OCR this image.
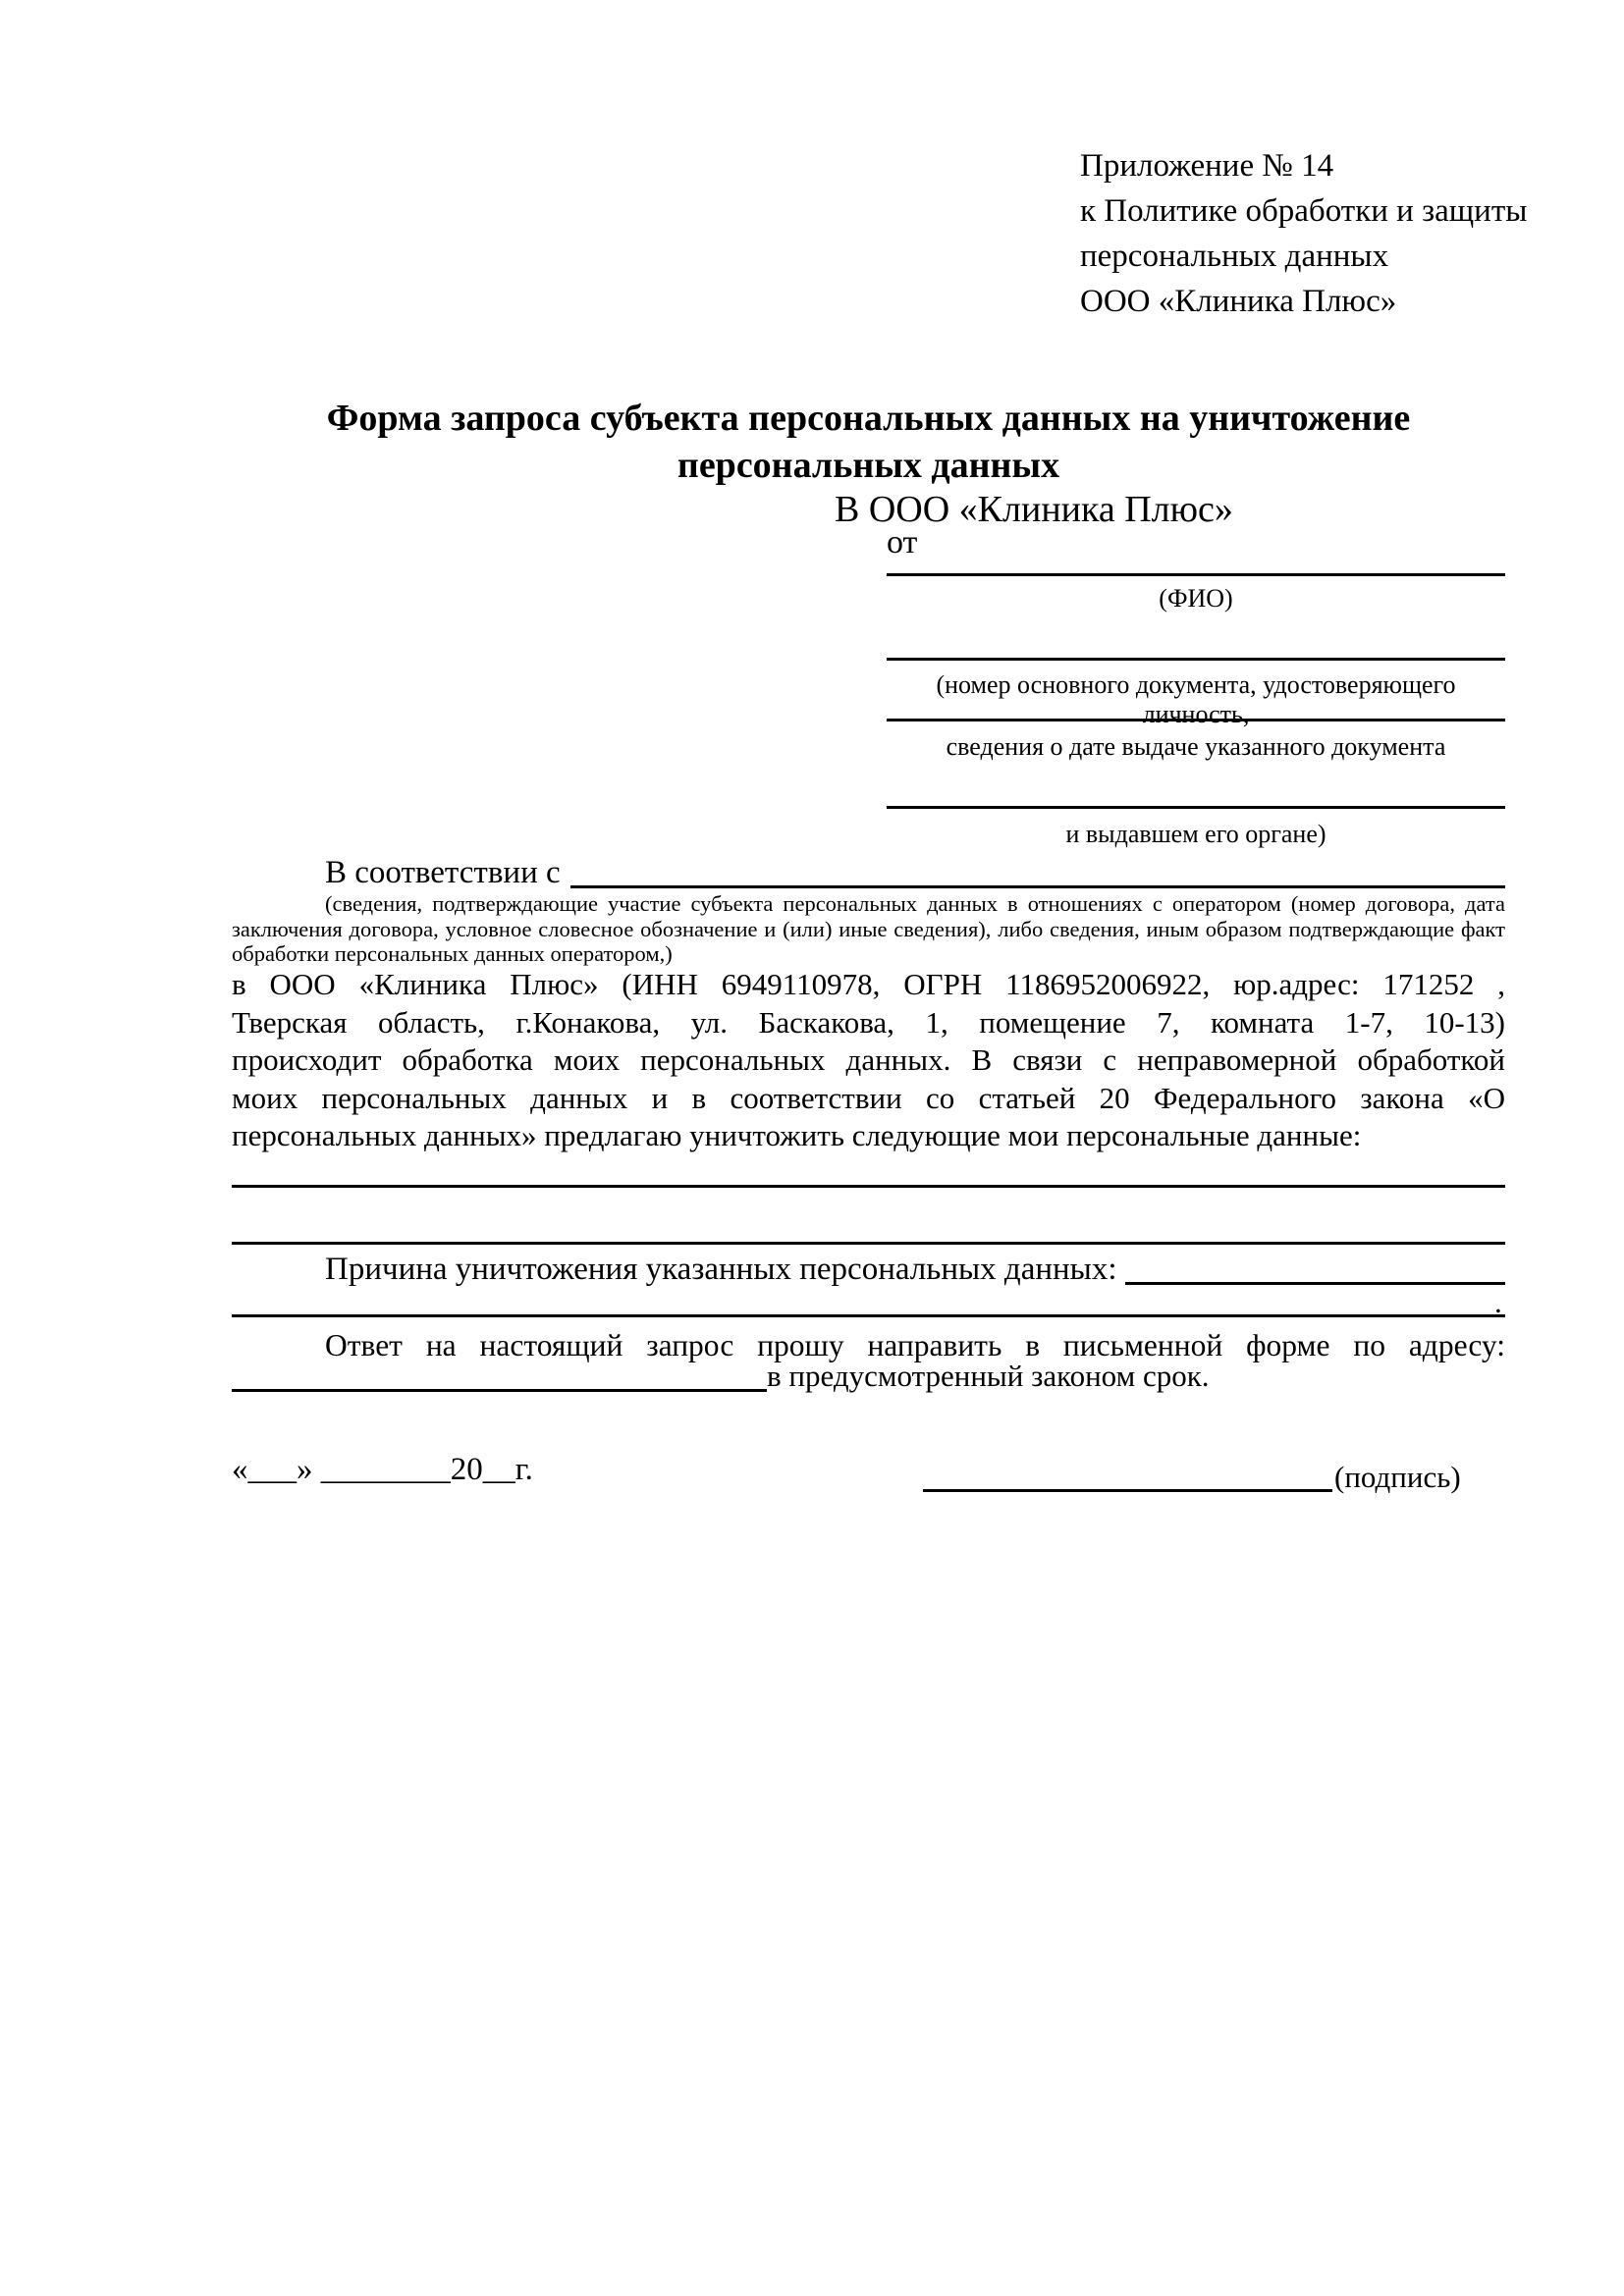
Приложение № 14
к Политике обработки и защиты
персональных данных
ООО «Клиника Плюс»
Форма запроса субъекта персональных данных на уничтожение персональных данных
В ООО «Клиника Плюс»
от
(ФИО)
(номер основного документа, удостоверяющего личность,
сведения о дате выдаче указанного документа
и выдавшем его органе)
В соответствии с
(сведения, подтверждающие участие субъекта персональных данных в отношениях с оператором (номер договора, дата
заключения договора, условное словесное обозначение и (или) иные сведения), либо сведения, иным образом подтверждающие факт
обработки персональных данных оператором,)
в ООО «Клиника Плюс» (ИНН 6949110978, ОГРН 1186952006922, юр.адрес: 171252 ,
Тверская область, г.Конакова, ул. Баскакова, 1, помещение 7, комната 1-7, 10-13)
происходит обработка моих персональных данных. В связи с неправомерной обработкой
моих персональных данных и в соответствии со статьей 20 Федерального закона «О
персональных данных» предлагаю уничтожить следующие мои персональные данные:
Причина уничтожения указанных персональных данных:
.
Ответ на настоящий запрос прошу направить в письменной форме по адресу:
в предусмотренный законом срок.
«___» ________20__г.	(подпись)
